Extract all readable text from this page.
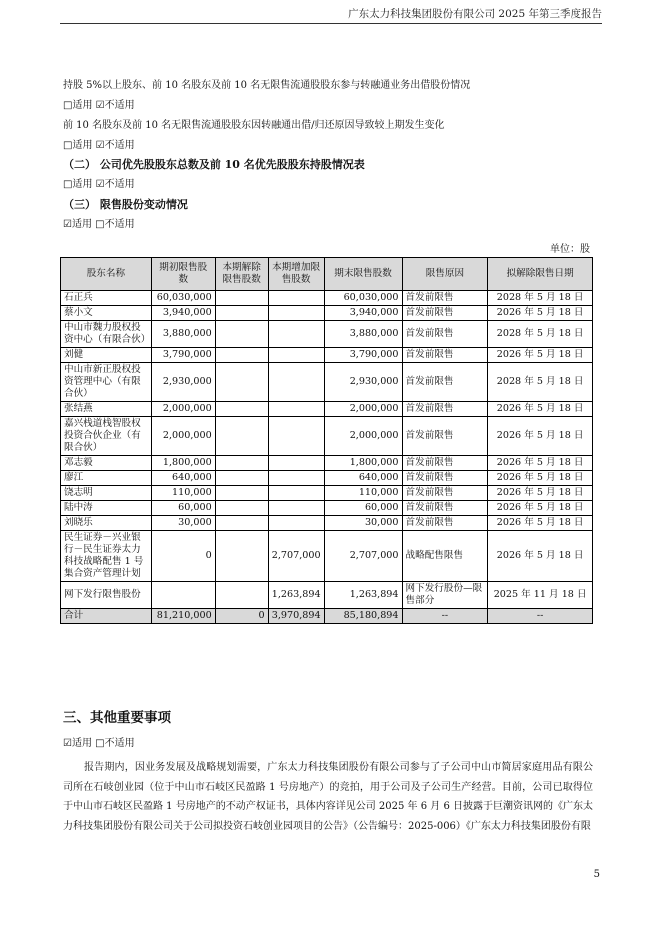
广东太力科技集团股份有限公司 2025 年第三季度报告
持股 5%以上股东、前 10 名股东及前 10 名无限售流通股股东参与转融通业务出借股份情况
□适用 ☑不适用
前 10 名股东及前 10 名无限售流通股股东因转融通出借/归还原因导致较上期发生变化
□适用 ☑不适用
（二） 公司优先股股东总数及前 10 名优先股股东持股情况表
□适用 ☑不适用
（三） 限售股份变动情况
☑适用 □不适用
单位：股
股东名称	期初限售股数	本期解除限售股数	本期增加限售股数	期末限售股数	限售原因	拟解除限售日期
石正兵	60,030,000			60,030,000	首发前限售	2028 年 5 月 18 日
蔡小文	3,940,000			3,940,000	首发前限售	2026 年 5 月 18 日
中山市魏力股权投资中心（有限合伙）	3,880,000			3,880,000	首发前限售	2028 年 5 月 18 日
刘健	3,790,000			3,790,000	首发前限售	2026 年 5 月 18 日
中山市新正股权投资管理中心（有限合伙）	2,930,000			2,930,000	首发前限售	2028 年 5 月 18 日
张结燕	2,000,000			2,000,000	首发前限售	2026 年 5 月 18 日
嘉兴栈道栈智股权投资合伙企业（有限合伙）	2,000,000			2,000,000	首发前限售	2026 年 5 月 18 日
邓志毅	1,800,000			1,800,000	首发前限售	2026 年 5 月 18 日
廖江	640,000			640,000	首发前限售	2026 年 5 月 18 日
饶志明	110,000			110,000	首发前限售	2026 年 5 月 18 日
陆中涛	60,000			60,000	首发前限售	2026 年 5 月 18 日
刘晓乐	30,000			30,000	首发前限售	2026 年 5 月 18 日
民生证券－兴业银行－民生证券太力科技战略配售 1 号集合资产管理计划	0		2,707,000	2,707,000	战略配售限售	2026 年 5 月 18 日
网下发行限售股份			1,263,894	1,263,894	网下发行股份—限售部分	2025 年 11 月 18 日
合计	81,210,000	0	3,970,894	85,180,894	--	--
三、其他重要事项
☑适用 □不适用
报告期内，因业务发展及战略规划需要，广东太力科技集团股份有限公司参与了子公司中山市简居家庭用品有限公司所在石岐创业园（位于中山市石岐区民盈路 1 号房地产）的竞拍，用于公司及子公司生产经营。目前，公司已取得位于中山市石岐区民盈路 1 号房地产的不动产权证书，具体内容详见公司 2025 年 6 月 6 日披露于巨潮资讯网的《广东太力科技集团股份有限公司关于公司拟投资石岐创业园项目的公告》（公告编号：2025-006）《广东太力科技集团股份有限
5
